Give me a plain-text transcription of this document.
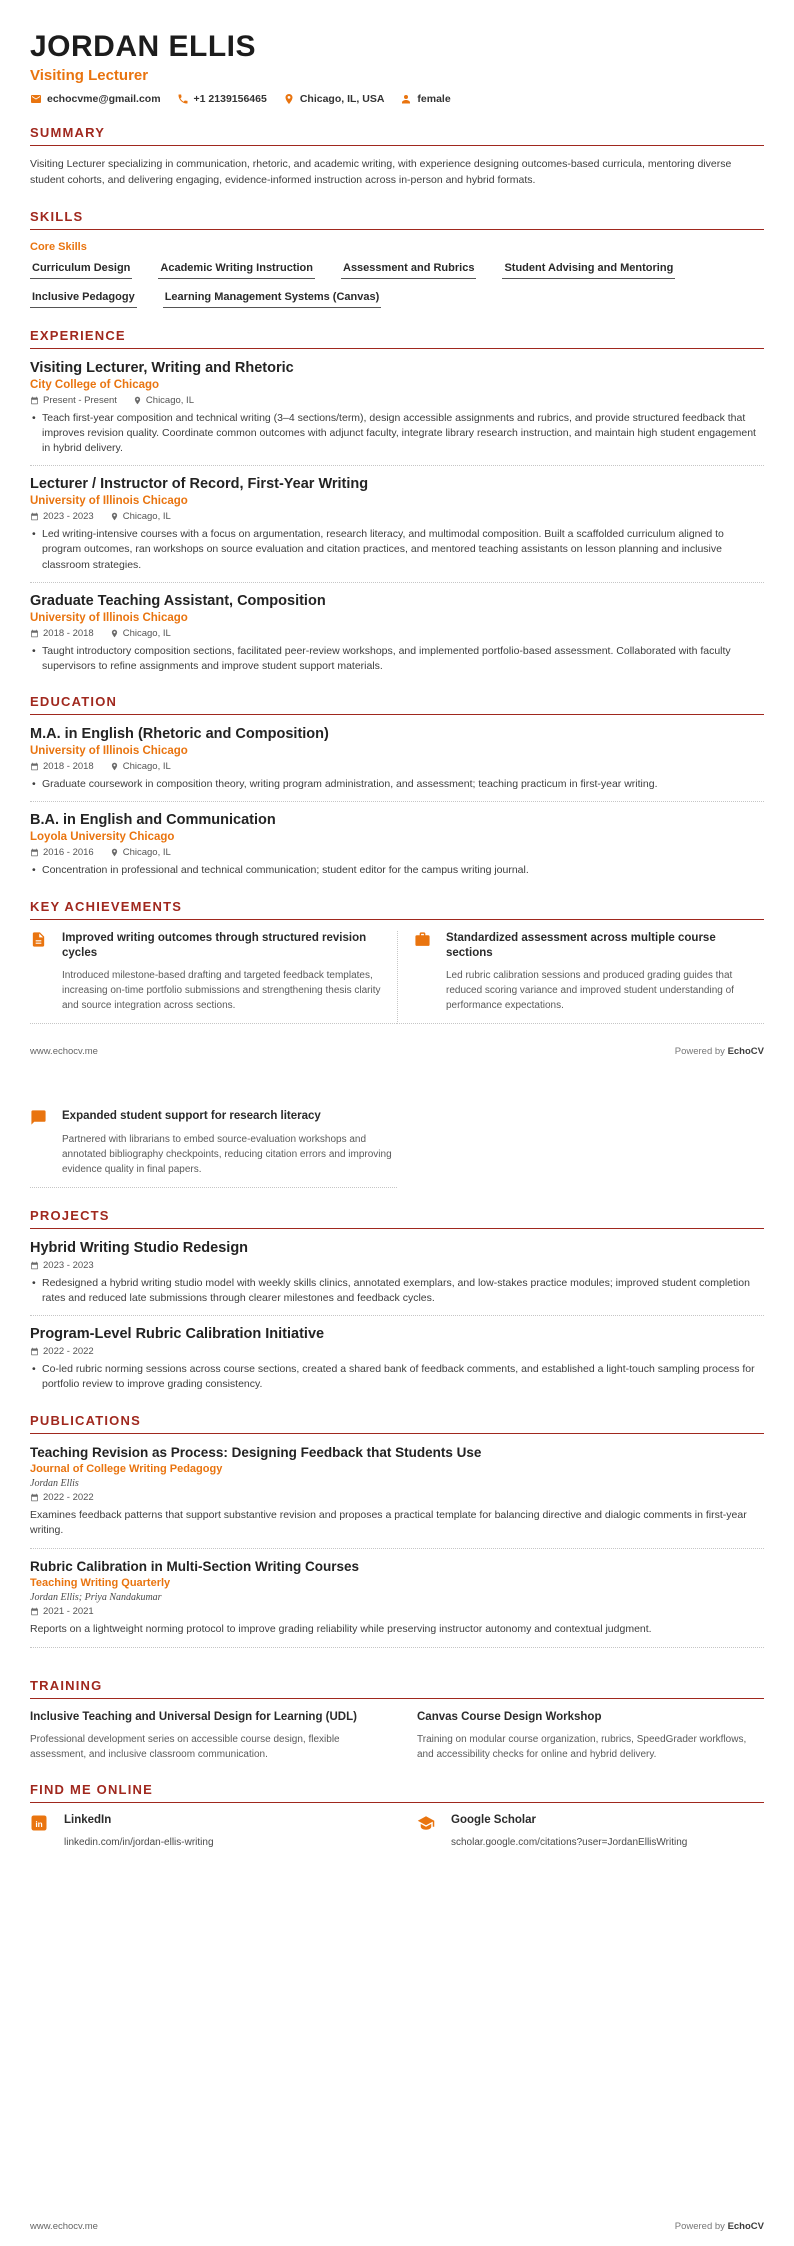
JORDAN ELLIS
Visiting Lecturer
echocvme@gmail.com	+1 2139156465	Chicago, IL, USA	female
SUMMARY

Visiting Lecturer specializing in communication, rhetoric, and academic writing, with experience designing outcomes-based curricula, mentoring diverse student cohorts, and delivering engaging, evidence-informed instruction across in-person and hybrid formats.

SKILLS
Core Skills
Curriculum Design	Academic Writing Instruction	Assessment and Rubrics	Student Advising and Mentoring
Inclusive Pedagogy	Learning Management Systems (Canvas)
EXPERIENCE
Visiting Lecturer, Writing and Rhetoric
City College of Chicago
Present - Present	Chicago, IL
• Teach first-year composition and technical writing (3–4 sections/term), design accessible assignments and rubrics, and provide structured feedback that improves revision quality. Coordinate common outcomes with adjunct faculty, integrate library research instruction, and maintain high student engagement in hybrid delivery.
Lecturer / Instructor of Record, First-Year Writing
University of Illinois Chicago
2023 - 2023	Chicago, IL
• Led writing-intensive courses with a focus on argumentation, research literacy, and multimodal composition. Built a scaffolded curriculum aligned to program outcomes, ran workshops on source evaluation and citation practices, and mentored teaching assistants on lesson planning and inclusive classroom strategies.
Graduate Teaching Assistant, Composition
University of Illinois Chicago
2018 - 2018	Chicago, IL
• Taught introductory composition sections, facilitated peer-review workshops, and implemented portfolio-based assessment. Collaborated with faculty supervisors to refine assignments and improve student support materials.
EDUCATION
M.A. in English (Rhetoric and Composition)
University of Illinois Chicago
2018 - 2018	Chicago, IL
• Graduate coursework in composition theory, writing program administration, and assessment; teaching practicum in first-year writing.
B.A. in English and Communication
Loyola University Chicago
2016 - 2016	Chicago, IL
• Concentration in professional and technical communication; student editor for the campus writing journal.
KEY ACHIEVEMENTS
Improved writing outcomes through structured revision cycles
Introduced milestone-based drafting and targeted feedback templates, increasing on-time portfolio submissions and strengthening thesis clarity and source integration across sections.
Standardized assessment across multiple course sections
Led rubric calibration sessions and produced grading guides that reduced scoring variance and improved student understanding of performance expectations.
www.echocv.me	Powered by EchoCV
Expanded student support for research literacy
Partnered with librarians to embed source-evaluation workshops and annotated bibliography checkpoints, reducing citation errors and improving evidence quality in final papers.
PROJECTS
Hybrid Writing Studio Redesign
2023 - 2023
• Redesigned a hybrid writing studio model with weekly skills clinics, annotated exemplars, and low-stakes practice modules; improved student completion rates and reduced late submissions through clearer milestones and feedback cycles.
Program-Level Rubric Calibration Initiative
2022 - 2022
• Co-led rubric norming sessions across course sections, created a shared bank of feedback comments, and established a light-touch sampling process for portfolio review to improve grading consistency.
PUBLICATIONS
Teaching Revision as Process: Designing Feedback that Students Use
Journal of College Writing Pedagogy
Jordan Ellis
2022 - 2022

Examines feedback patterns that support substantive revision and proposes a practical template for balancing directive and dialogic comments in first-year writing.

Rubric Calibration in Multi-Section Writing Courses
Teaching Writing Quarterly
Jordan Ellis; Priya Nandakumar
2021 - 2021

Reports on a lightweight norming protocol to improve grading reliability while preserving instructor autonomy and contextual judgment.

TRAINING
Inclusive Teaching and Universal Design for Learning (UDL)
Professional development series on accessible course design, flexible assessment, and inclusive classroom communication.
Canvas Course Design Workshop
Training on modular course organization, rubrics, SpeedGrader workflows, and accessibility checks for online and hybrid delivery.
FIND ME ONLINE
in LinkedIn
linkedin.com/in/jordan-ellis-writing
Google Scholar
scholar.google.com/citations?user=JordanEllisWriting
www.echocv.me	Powered by EchoCV
